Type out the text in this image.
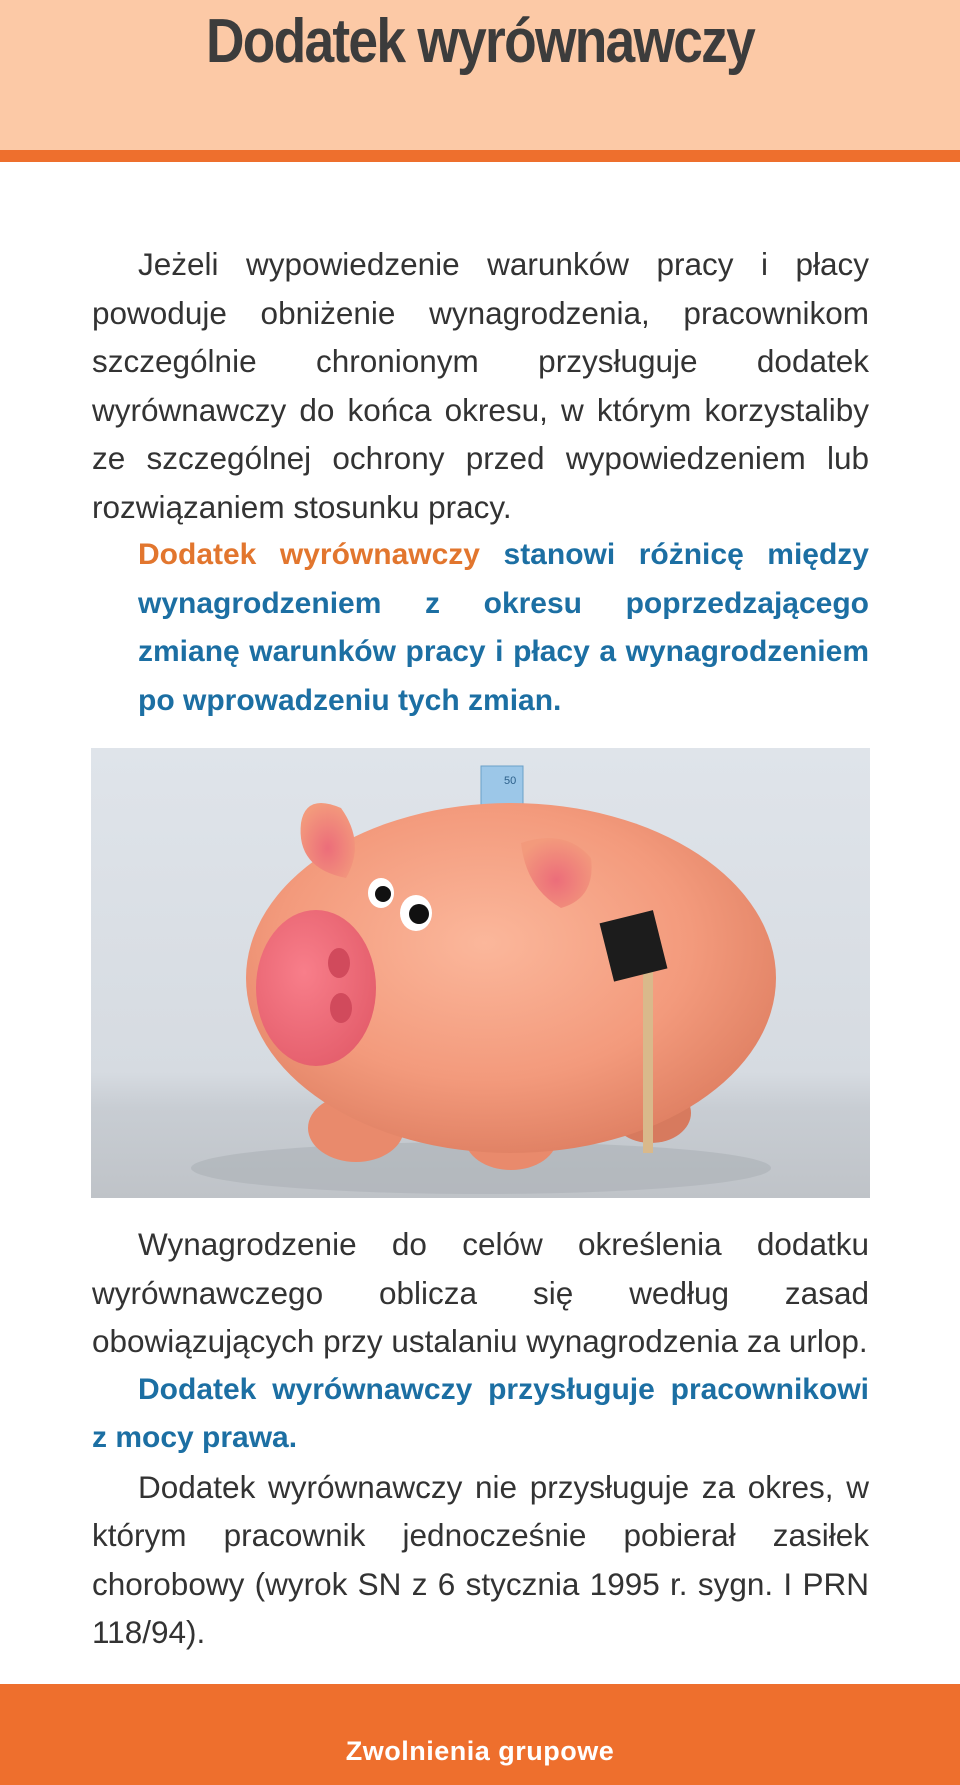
Dodatek wyrównawczy

Jeżeli wypowiedzenie warunków pracy i płacy powoduje obniżenie wynagrodzenia, pracownikom szczególnie chronionym przysługuje dodatek wyrównawczy do końca okresu, w którym korzystaliby ze szczególnej ochrony przed wypowiedzeniem lub rozwiązaniem stosunku pracy.

Dodatek wyrównawczy stanowi różnicę między wynagrodzeniem z okresu poprzedzającego zmianę warunków pracy i płacy a wynagrodzeniem po wprowadzeniu tych zmian.

50

Wynagrodzenie do celów określenia dodatku wyrównawczego oblicza się według zasad obowiązujących przy ustalaniu wynagrodzenia za urlop.

Dodatek wyrównawczy przysługuje pracownikowi z mocy prawa.

Dodatek wyrównawczy nie przysługuje za okres, w którym pracownik jednocześnie pobierał zasiłek chorobowy (wyrok SN z 6 stycznia 1995 r. sygn. I PRN 118/94).

Zwolnienia grupowe
